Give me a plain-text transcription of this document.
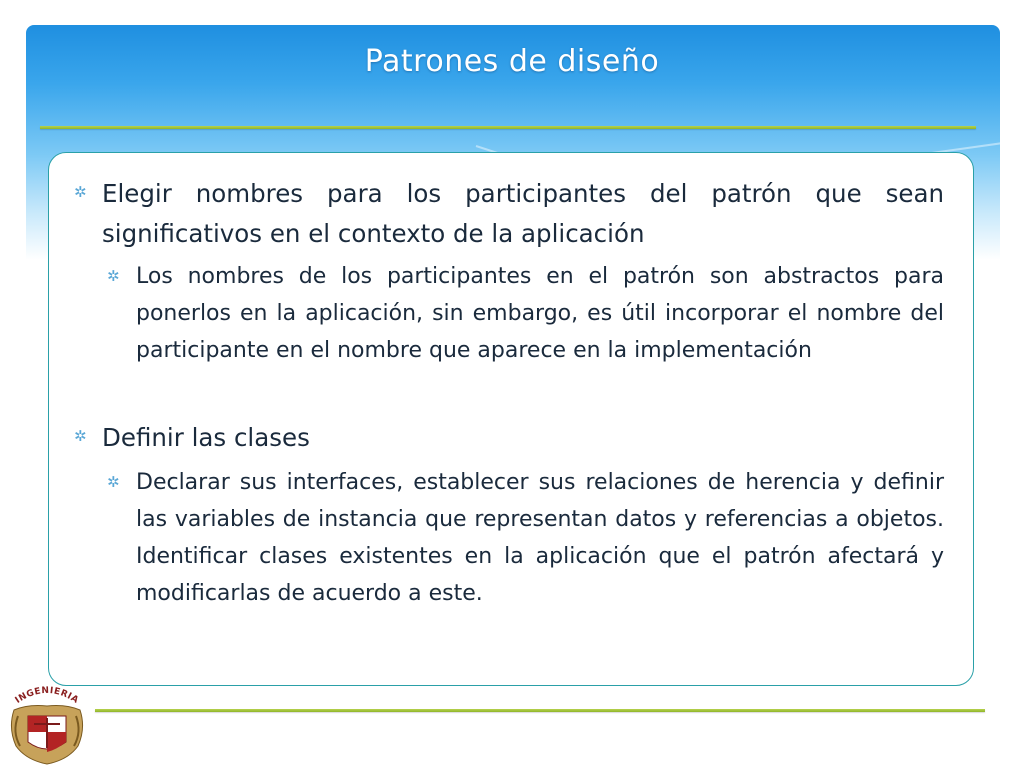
Patrones de diseño
✲ Elegir nombres para los participantes del patrón que sean significativos en el contexto de la aplicación
✲ Los nombres de los participantes en el patrón son abstractos para ponerlos en la aplicación, sin embargo, es útil incorporar el nombre del participante en el nombre que aparece en la implementación
✲ Definir las clases
✲ Declarar sus interfaces, establecer sus relaciones de herencia y definir las variables de instancia que representan datos y referencias a objetos. Identificar clases existentes en la aplicación que el patrón afectará y modificarlas de acuerdo a este.
INGENIERIA
